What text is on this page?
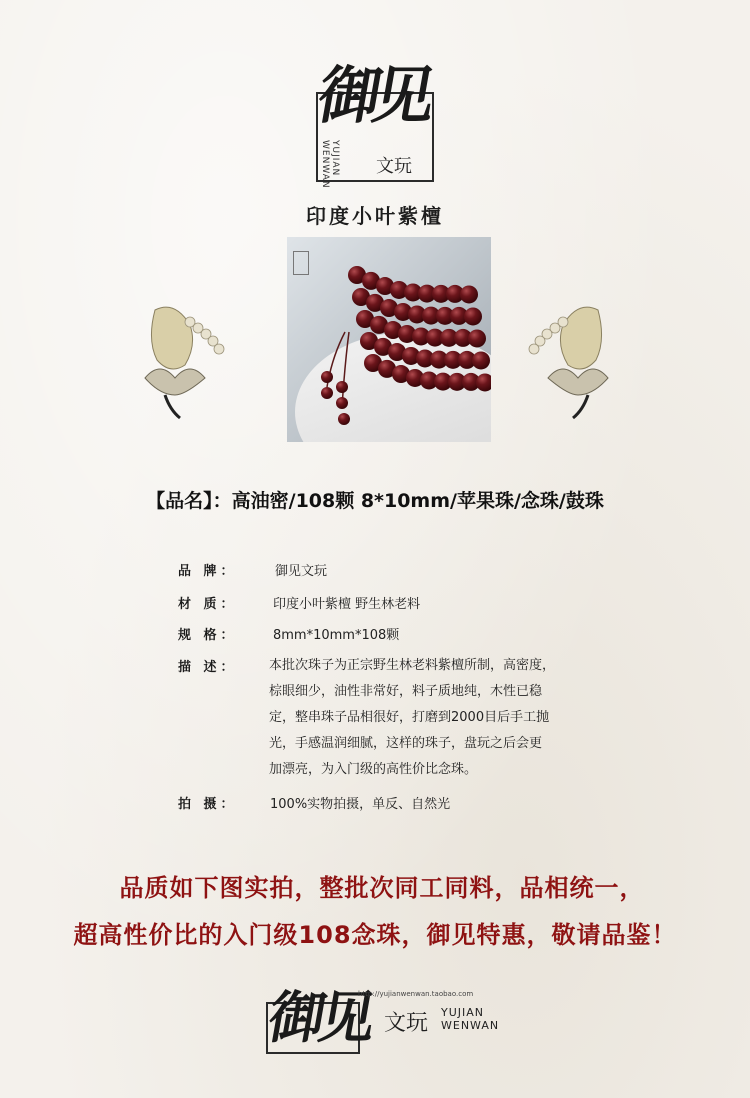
御见
YUJIAN WENWAN	文玩
印度小叶紫檀
【品名】：高油密/108颗 8*10mm/苹果珠/念珠/鼓珠
品 牌：	御见文玩
材 质：	印度小叶紫檀 野生林老料
规 格：	8mm*10mm*108颗
描 述：	本批次珠子为正宗野生林老料紫檀所制，高密度，
棕眼细少，油性非常好，料子质地纯，木性已稳
定，整串珠子品相很好，打磨到2000目后手工抛
光，手感温润细腻，这样的珠子，盘玩之后会更
加漂亮，为入门级的高性价比念珠。
拍 摄：	100%实物拍摄，单反、自然光
品质如下图实拍，整批次同工同料，品相统一，
超高性价比的入门级108念珠，御见特惠，敬请品鉴！
御见
http://yujianwenwan.taobao.com
文玩 YUJIAN
WENWAN
